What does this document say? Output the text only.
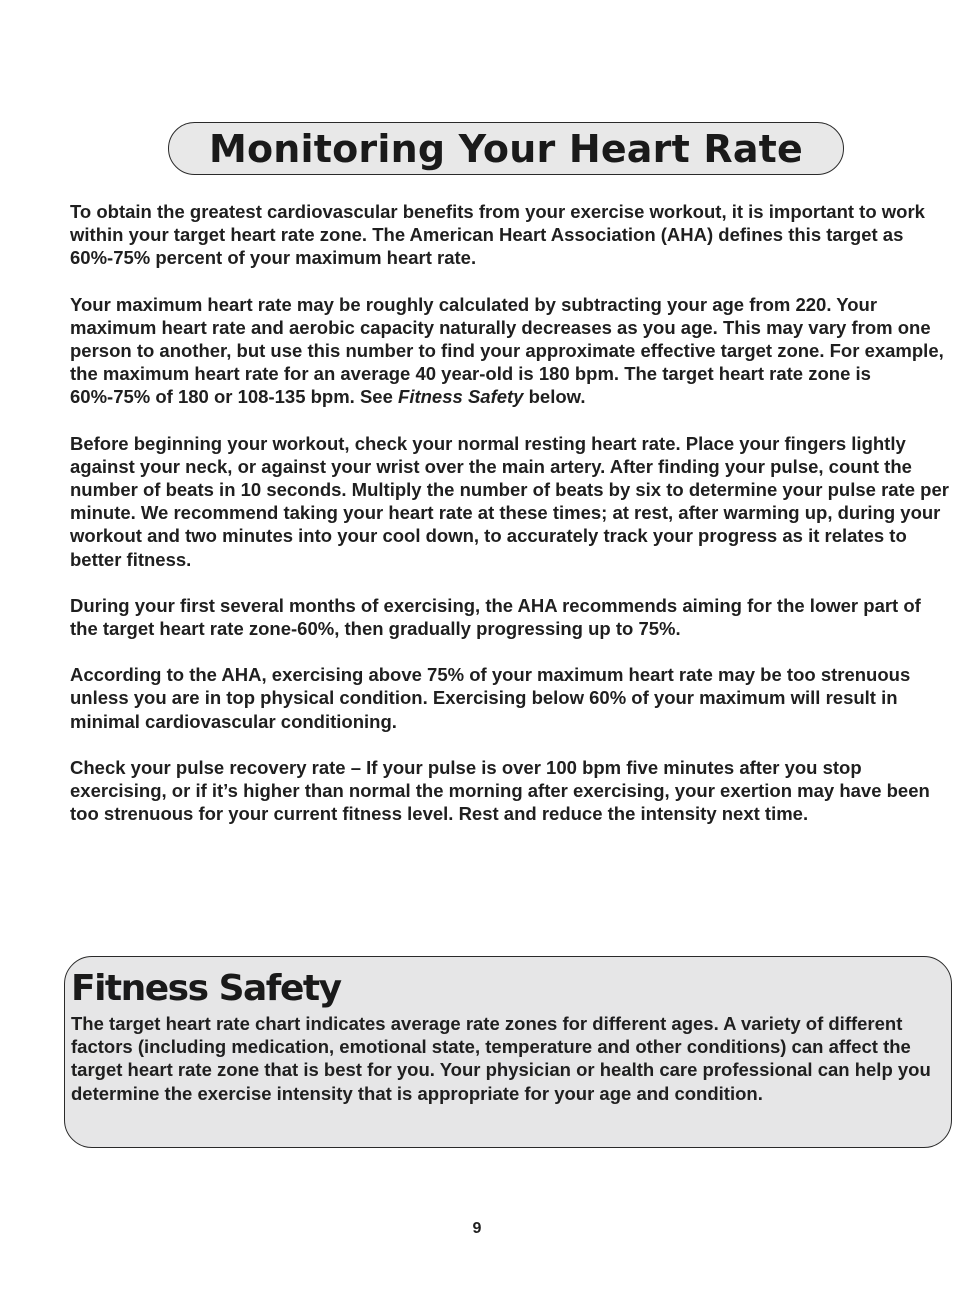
Monitoring Your Heart Rate

To obtain the greatest cardiovascular benefits from your exercise workout, it is important to work within your target heart rate zone. The American Heart Association (AHA) defines this target as 60%-75% percent of your maximum heart rate.

Your maximum heart rate may be roughly calculated by subtracting your age from 220. Your maximum heart rate and aerobic capacity naturally decreases as you age. This may vary from one person to another, but use this number to find your approximate effective target zone. For example, the maximum heart rate for an average 40 year-old is 180 bpm. The target heart rate zone is 60%-75% of 180 or 108-135 bpm. See Fitness Safety below.

Before beginning your workout, check your normal resting heart rate. Place your fingers lightly against your neck, or against your wrist over the main artery. After finding your pulse, count the number of beats in 10 seconds. Multiply the number of beats by six to determine your pulse rate per minute. We recommend taking your heart rate at these times; at rest, after warming up, during your workout and two minutes into your cool down, to accurately track your progress as it relates to better fitness.

During your first several months of exercising, the AHA recommends aiming for the lower part of the target heart rate zone-60%, then gradually progressing up to 75%.

According to the AHA, exercising above 75% of your maximum heart rate may be too strenuous unless you are in top physical condition. Exercising below 60% of your maximum will result in minimal cardiovascular conditioning.

Check your pulse recovery rate – If your pulse is over 100 bpm five minutes after you stop exercising, or if it’s higher than normal the morning after exercising, your exertion may have been too strenuous for your current fitness level. Rest and reduce the intensity next time.

Fitness Safety

The target heart rate chart indicates average rate zones for different ages. A variety of different factors (including medication, emotional state, temperature and other conditions) can affect the target heart rate zone that is best for you. Your physician or health care professional can help you determine the exercise intensity that is appropriate for your age and condition.

9
